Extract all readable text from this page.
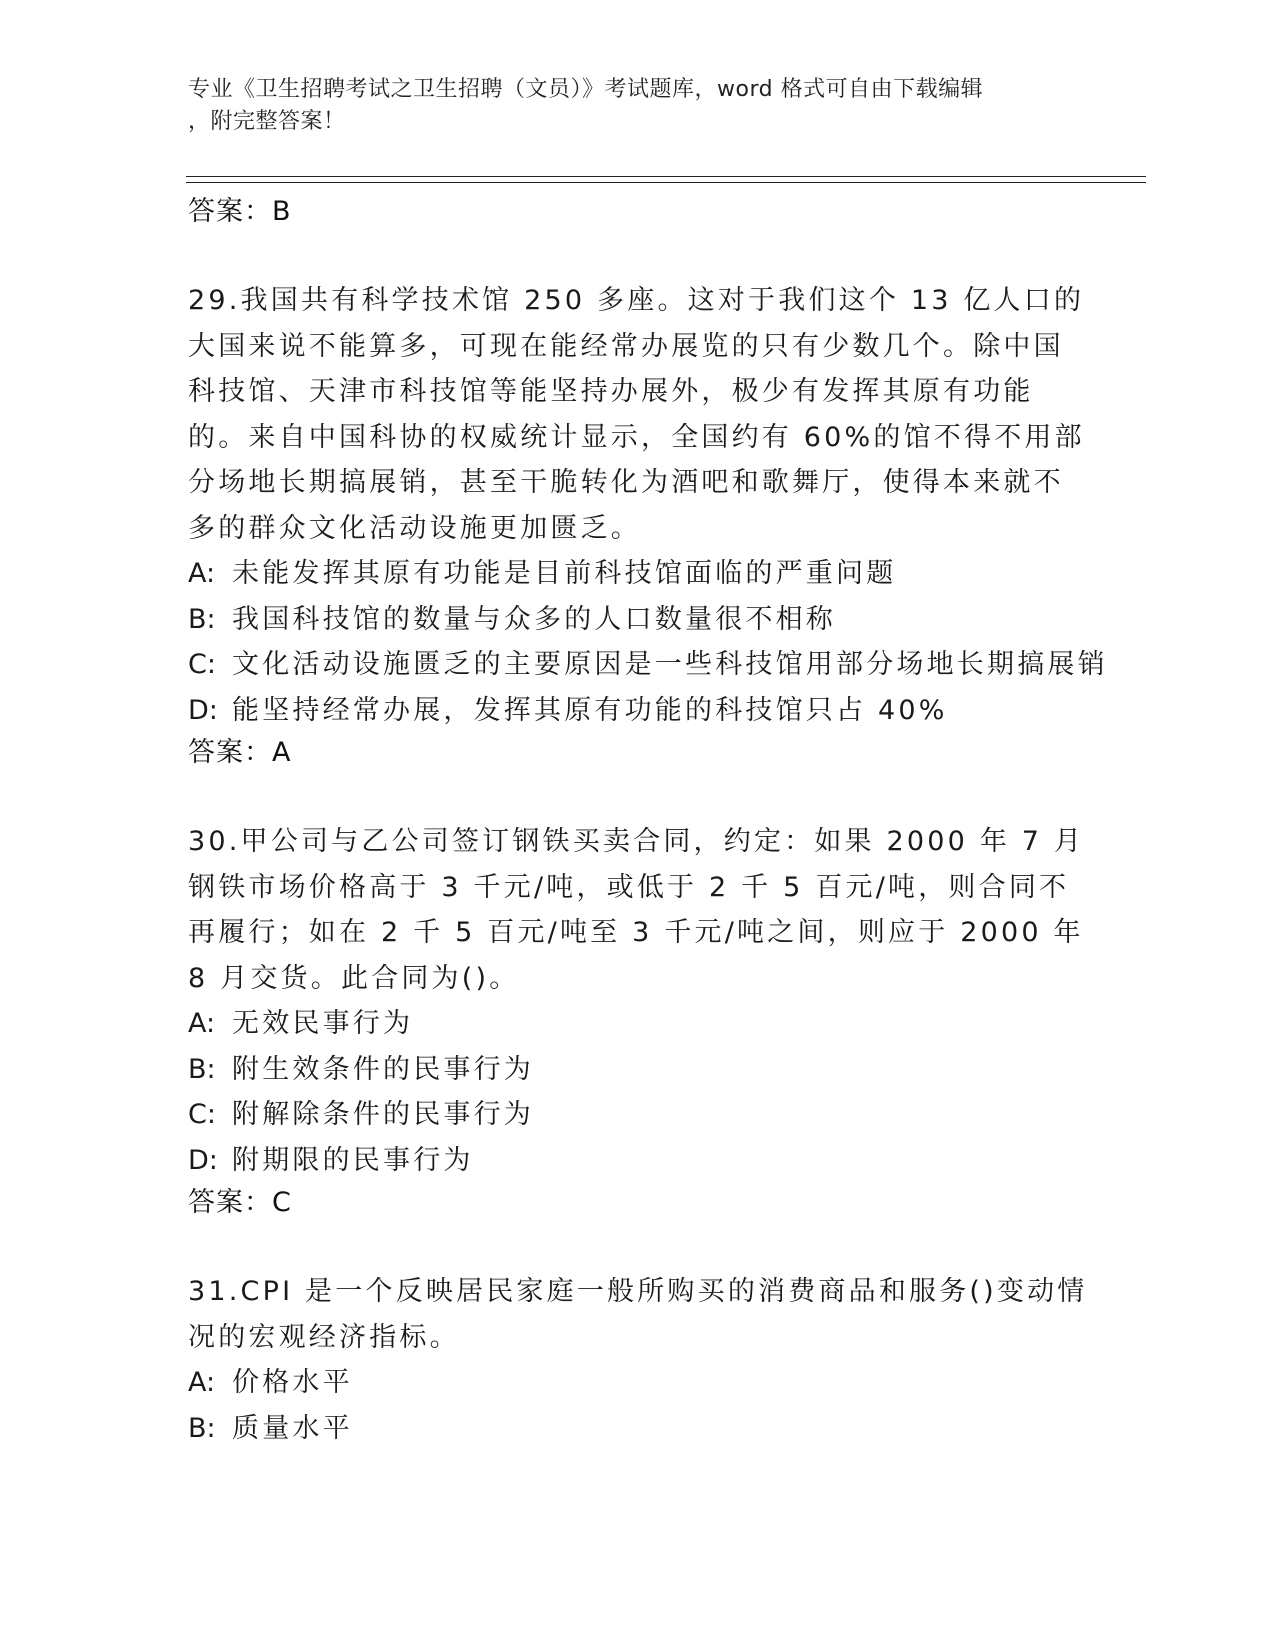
专业《卫生招聘考试之卫生招聘（文员）》考试题库，word 格式可自由下载编辑
，附完整答案！
答案：B

29.我国共有科学技术馆 250 多座。这对于我们这个 13 亿人口的大国来说不能算多，可现在能经常办展览的只有少数几个。除中国科技馆、天津市科技馆等能坚持办展外，极少有发挥其原有功能的。来自中国科协的权威统计显示，全国约有 60%的馆不得不用部分场地长期搞展销，甚至干脆转化为酒吧和歌舞厅，使得本来就不多的群众文化活动设施更加匮乏。

A: 未能发挥其原有功能是目前科技馆面临的严重问题
B: 我国科技馆的数量与众多的人口数量很不相称
C: 文化活动设施匮乏的主要原因是一些科技馆用部分场地长期搞展销
D: 能坚持经常办展，发挥其原有功能的科技馆只占 40%
答案：A

30.甲公司与乙公司签订钢铁买卖合同，约定：如果 2000 年 7 月钢铁市场价格高于 3 千元/吨，或低于 2 千 5 百元/吨，则合同不再履行；如在 2 千 5 百元/吨至 3 千元/吨之间，则应于 2000 年 8 月交货。此合同为()。

A: 无效民事行为
B: 附生效条件的民事行为
C: 附解除条件的民事行为
D: 附期限的民事行为
答案：C

31.CPI 是一个反映居民家庭一般所购买的消费商品和服务()变动情况的宏观经济指标。

A: 价格水平
B: 质量水平
